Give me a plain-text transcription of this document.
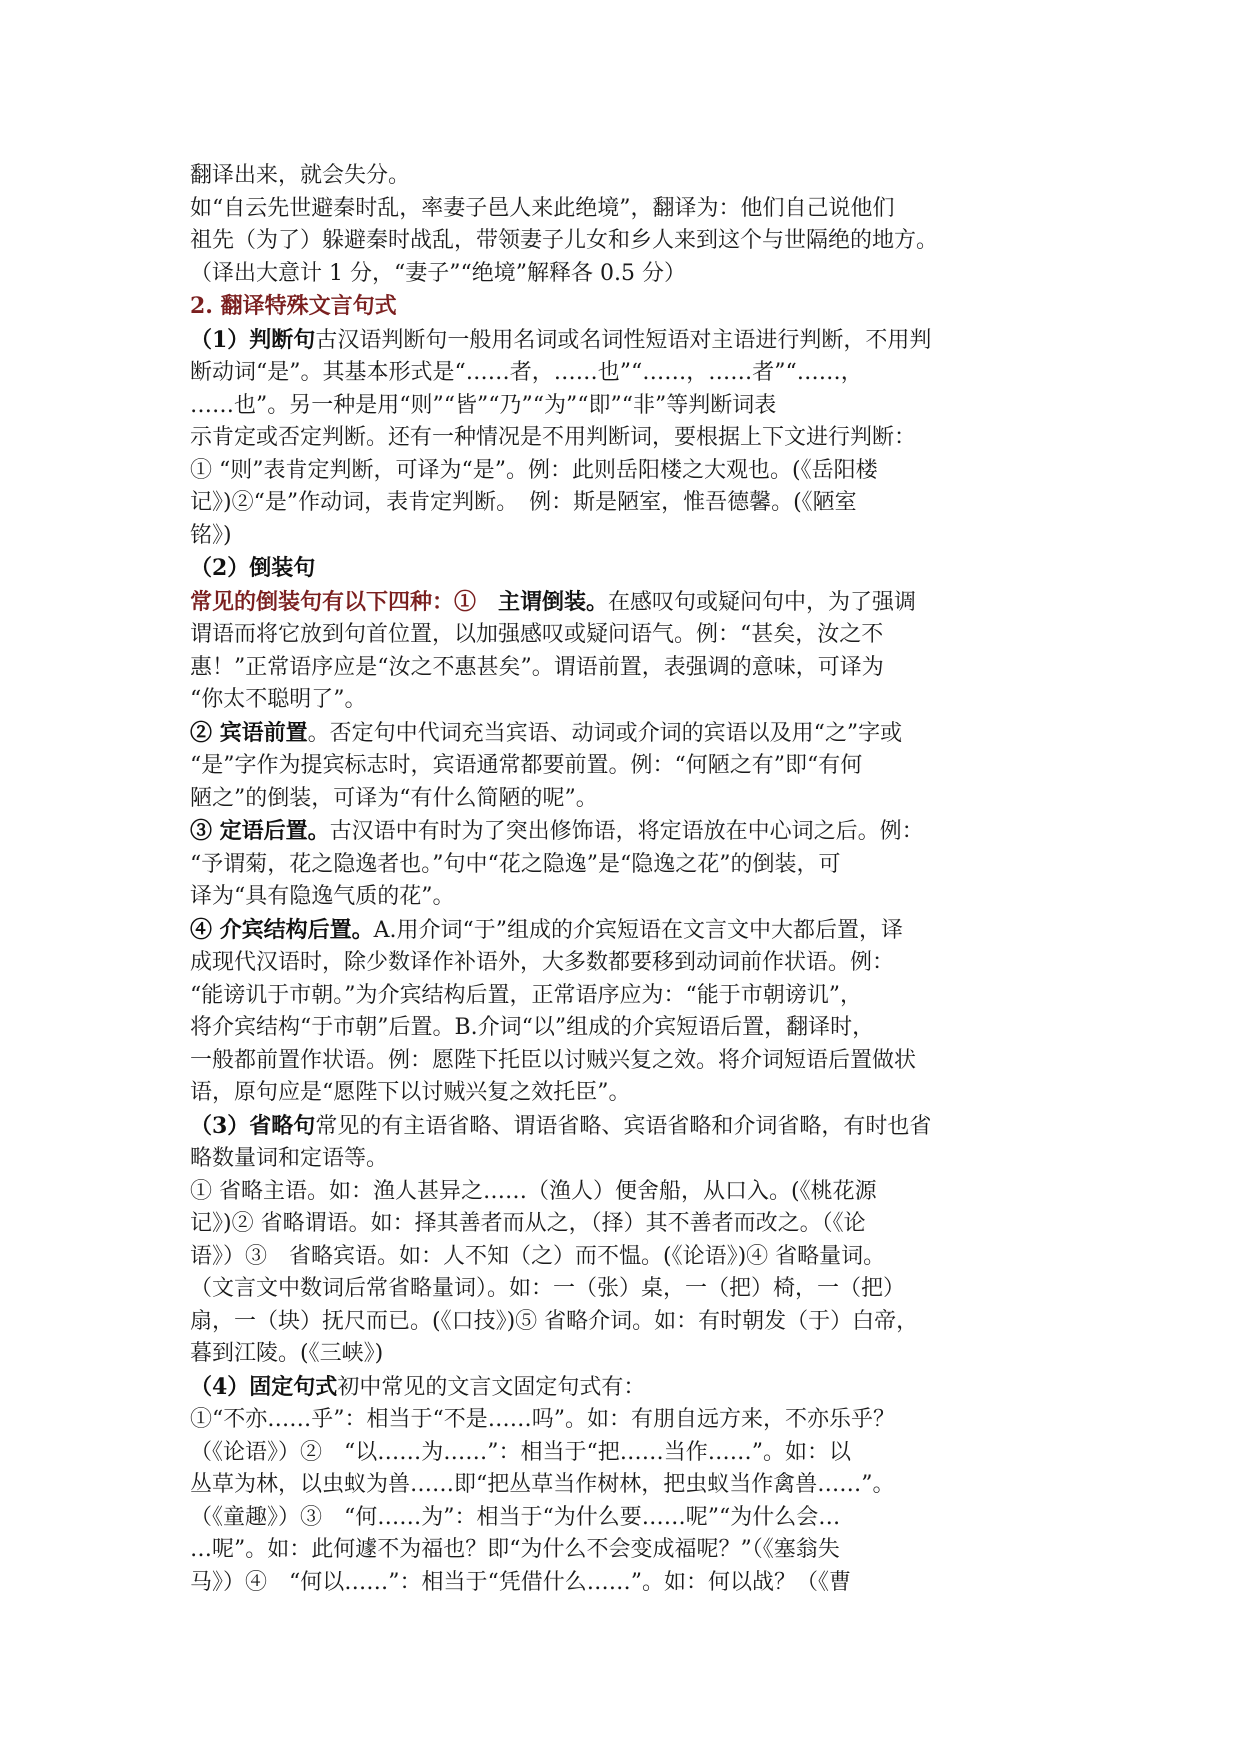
翻译出来，就会失分。

如“自云先世避秦时乱，率妻子邑人来此绝境”，翻译为：他们自己说他们

祖先（为了）躲避秦时战乱，带领妻子儿女和乡人来到这个与世隔绝的地方。

（译出大意计 1 分，“妻子”“绝境”解释各 0.5 分）

2. 翻译特殊文言句式

（1）判断句古汉语判断句一般用名词或名词性短语对主语进行判断，不用判

断动词“是”。其基本形式是“……者，……也”“……，……者”“……，

……也”。另一种是用“则”“皆”“乃”“为”“即”“非”等判断词表

示肯定或否定判断。还有一种情况是不用判断词，要根据上下文进行判断：

① “则”表肯定判断，可译为“是”。例：此则岳阳楼之大观也。(《岳阳楼

记》)②“是”作动词，表肯定判断。　例：斯是陋室，惟吾德馨。(《陋室

铭》)

（2）倒装句

常见的倒装句有以下四种：①　主谓倒装。在感叹句或疑问句中，为了强调

谓语而将它放到句首位置，以加强感叹或疑问语气。例：“甚矣，汝之不

惠！”正常语序应是“汝之不惠甚矣”。谓语前置，表强调的意味，可译为

“你太不聪明了”。

② 宾语前置。否定句中代词充当宾语、动词或介词的宾语以及用“之”字或

“是”字作为提宾标志时，宾语通常都要前置。例：“何陋之有”即“有何

陋之”的倒装，可译为“有什么简陋的呢”。

③ 定语后置。古汉语中有时为了突出修饰语，将定语放在中心词之后。例：

“予谓菊，花之隐逸者也。”句中“花之隐逸”是“隐逸之花”的倒装，可

译为“具有隐逸气质的花”。

④ 介宾结构后置。A.用介词“于”组成的介宾短语在文言文中大都后置，译

成现代汉语时，除少数译作补语外，大多数都要移到动词前作状语。例：

“能谤讥于市朝。”为介宾结构后置，正常语序应为：“能于市朝谤讥”，

将介宾结构“于市朝”后置。B.介词“以”组成的介宾短语后置，翻译时，

一般都前置作状语。例：愿陛下托臣以讨贼兴复之效。将介词短语后置做状

语，原句应是“愿陛下以讨贼兴复之效托臣”。

（3）省略句常见的有主语省略、谓语省略、宾语省略和介词省略，有时也省

略数量词和定语等。

① 省略主语。如：渔人甚异之……（渔人）便舍船，从口入。(《桃花源

记》)② 省略谓语。如：择其善者而从之，（择）其不善者而改之。（《论

语》）③　省略宾语。如：人不知（之）而不愠。(《论语》)④ 省略量词。

（文言文中数词后常省略量词）。如：一（张）桌，一（把）椅，一（把）

扇，一（块）抚尺而已。(《口技》)⑤ 省略介词。如：有时朝发（于）白帝，

暮到江陵。(《三峡》)

（4）固定句式初中常见的文言文固定句式有：

①“不亦……乎”：相当于“不是……吗”。如：有朋自远方来，不亦乐乎？

（《论语》）②　“以……为……”：相当于“把……当作……”。如：以

丛草为林，以虫蚁为兽……即“把丛草当作树林，把虫蚁当作禽兽……”。

（《童趣》）③　“何……为”：相当于“为什么要……呢”“为什么会…

…呢”。如：此何遽不为福也？即“为什么不会变成福呢？”（《塞翁失

马》）④　“何以……”：相当于“凭借什么……”。如：何以战？（《曹
